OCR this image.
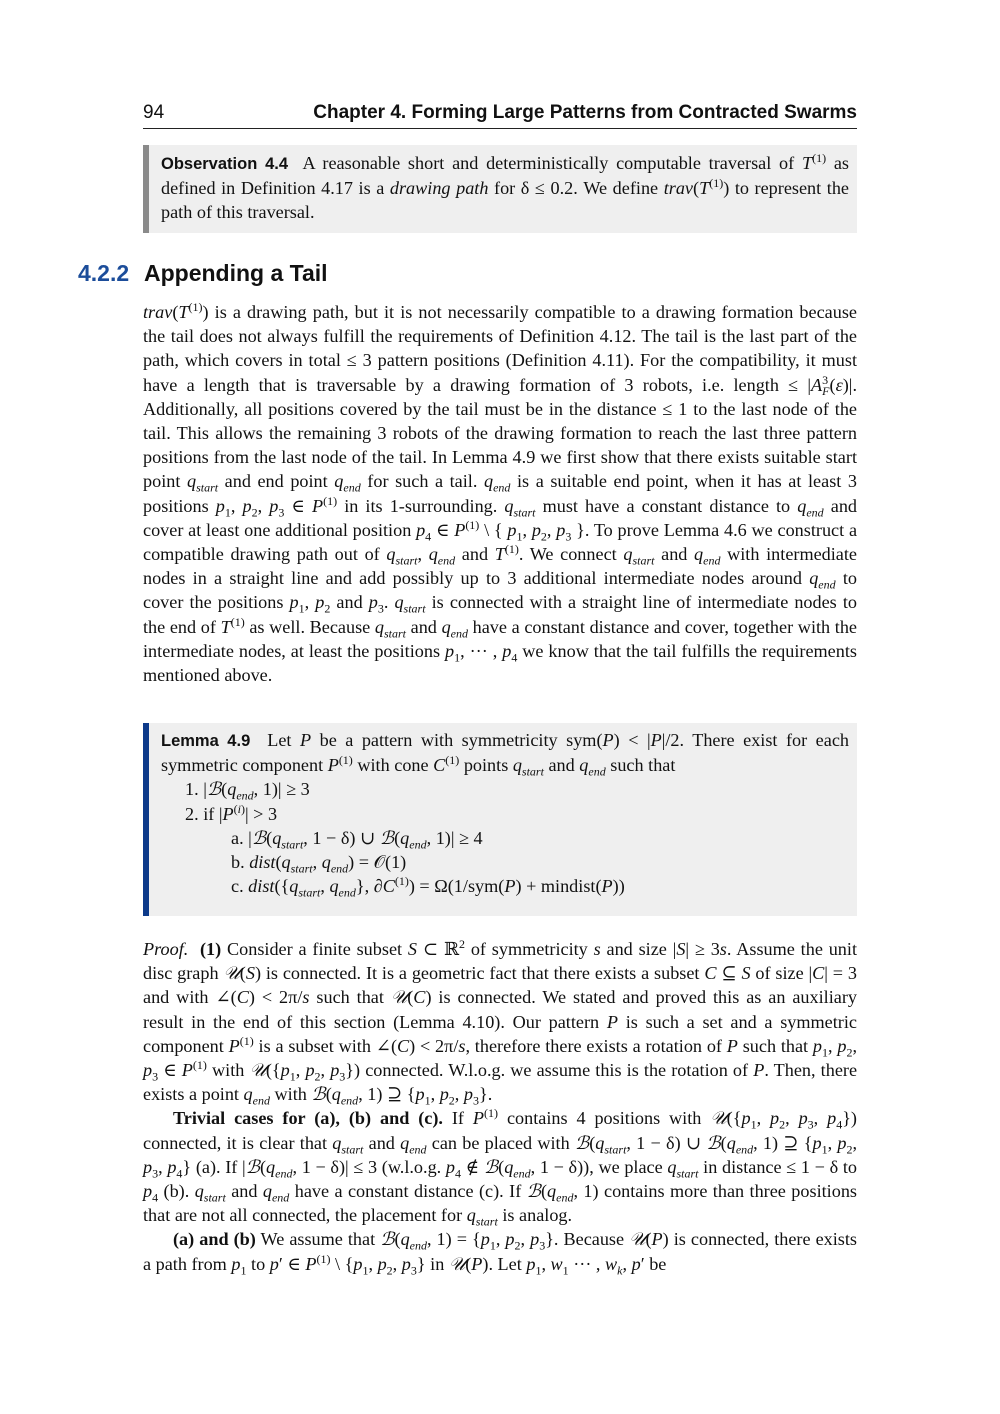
94	Chapter 4. Forming Large Patterns from Contracted Swarms
Observation 4.4  A reasonable short and deterministically computable traversal of $T^{(1)}$ as defined in Definition 4.17 is a drawing path for δ ≤ 0.2. We define $trav(T^{(1)})$ to represent the path of this traversal.
4.2.2 Appending a Tail

$trav(T^{(1)})$ is a drawing path, but it is not necessarily compatible to a drawing formation because the tail does not always fulfill the requirements of Definition 4.12. The tail is the last part of the path, which covers in total ≤ 3 pattern positions (Definition 4.11). For the compatibility, it must have a length that is traversable by a drawing formation of 3 robots, i.e. length ≤ $|A^3_F(\varepsilon)|$. Additionally, all positions covered by the tail must be in the distance ≤ 1 to the last node of the tail. This allows the remaining 3 robots of the drawing formation to reach the last three pattern positions from the last node of the tail. In Lemma 4.9 we first show that there exists suitable start point $q_{start}$ and end point $q_{end}$ for such a tail. $q_{end}$ is a suitable end point, when it has at least 3 positions $p_1$, $p_2$, $p_3$ ∈ $P^{(1)}$ in its 1-surrounding. $q_{start}$ must have a constant distance to $q_{end}$ and cover at least one additional position $p_4$ ∈ $P^{(1)}$ \ { $p_1$, $p_2$, $p_3$ }. To prove Lemma 4.6 we construct a compatible drawing path out of $q_{start}$, $q_{end}$ and $T^{(1)}$. We connect $q_{start}$ and $q_{end}$ with intermediate nodes in a straight line and add possibly up to 3 additional intermediate nodes around $q_{end}$ to cover the positions $p_1$, $p_2$ and $p_3$. $q_{start}$ is connected with a straight line of intermediate nodes to the end of $T^{(1)}$ as well. Because $q_{start}$ and $q_{end}$ have a constant distance and cover, together with the intermediate nodes, at least the positions $p_1$, ··· , $p_4$ we know that the tail fulfills the requirements mentioned above.

Lemma 4.9  Let P be a pattern with symmetricity sym(P) < |P|/2. There exist for each symmetric component $P^{(1)}$ with cone $C^{(1)}$ points $q_{start}$ and $q_{end}$ such that

1. $|ℬ(q_{end}$, 1)| ≥ 3

2. if $|P^{(i)}| > 3$

a. $|ℬ(q_{start}$, 1 − δ) ∪ $ℬ(q_{end}$, 1)| ≥ 4

b. $dist(q_{start}$, $q_{end}$) = 𝒪(1)

c. $dist(\{q_{start}$, $q_{end}$}, $\partial C^{(1)}) = \Omega(1/sym(P)$ + mindist(P))

Proof. (1) Consider a finite subset S ⊂ ℝ$^2$ of symmetricity s and size |S| ≥ 3s. Assume the unit disc graph 𝒰(S) is connected. It is a geometric fact that there exists a subset C ⊆ S of size |C| = 3 and with ∠(C) < 2π/s such that 𝒰(C) is connected. We stated and proved this as an auxiliary result in the end of this section (Lemma 4.10). Our pattern P is such a set and a symmetric component $P^{(1)}$ is a subset with ∠(C) < 2π/s, therefore there exists a rotation of P such that $p_1$, $p_2$, $p_3$ ∈ $P^{(1)}$ with $𝒰(\{p_1$, $p_2$, $p_3$}) connected. W.l.o.g. we assume this is the rotation of P. Then, there exists a point $q_{end}$ with $ℬ(q_{end}$, 1) ⊇ {$p_1$, $p_2$, $p_3$}.

Trivial cases for (a), (b) and (c). If $P^{(1)}$ contains 4 positions with $𝒰(\{p_1$, $p_2$, $p_3$, $p_4$}) connected, it is clear that $q_{start}$ and $q_{end}$ can be placed with $ℬ(q_{start}$, 1 − δ) ∪ $ℬ(q_{end}$, 1) ⊇ {$p_1$, $p_2$, $p_3$, $p_4$} (a). If $|ℬ(q_{end}$, 1 − δ)| ≤ 3 (w.l.o.g. $p_4$ ∉ $ℬ(q_{end}$, 1 − δ)), we place $q_{start}$ in distance ≤ 1 − δ to $p_4$ (b). $q_{start}$ and $q_{end}$ have a constant distance (c). If $ℬ(q_{end}$, 1) contains more than three positions that are not all connected, the placement for $q_{start}$ is analog.

(a) and (b) We assume that $ℬ(q_{end}$, $1) = \{p_1$, $p_2$, $p_3$}. Because 𝒰(P) is connected, there exists a path from $p_1$ to p′ ∈ $P^{(1)}$ \ {$p_1$, $p_2$, $p_3$} in 𝒰(P). Let $p_1$, $w_1$ ··· , $w_k$, p′ be
